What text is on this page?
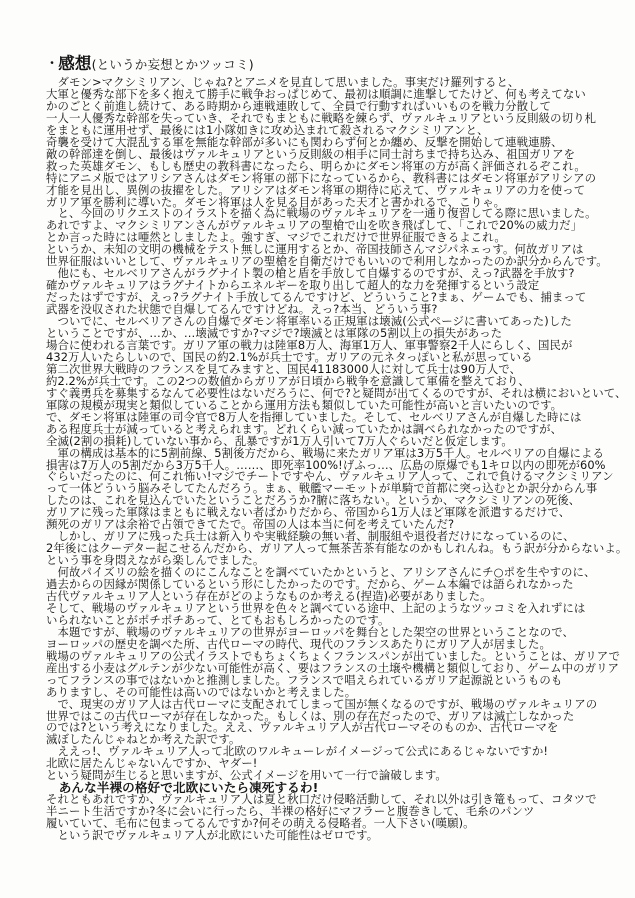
・感想(というか妄想とかツッコミ)
　ダモン>マクシミリアン、じゃね?とアニメを見直して思いました。事実だけ羅列すると、
大軍と優秀な部下を多く抱えて勝手に戦争おっぱじめて、最初は順調に進撃してたけど、何も考えてない
かのごとく前進し続けて、ある時期から連戦連敗して、全員で行動すればいいものを戦力分散して
一人一人優秀な幹部を失っていき、それでもまともに戦略を練らず、ヴァルキュリアという反則級の切り札
をまともに運用せず、最後には1小隊如きに攻め込まれて殺されるマクシミリアンと、
奇襲を受けて大混乱する軍を無能な幹部が多いにも関わらず何とか纏め、反撃を開始して連戦連勝、
敵の幹部達を倒し、最後はヴァルキュリアという反則級の相手に同士討ちまで持ち込み、祖国ガリアを
救った英雄ダモン、もしも歴史の教科書になったら、明らかにダモン将軍の方が高く評価されるぞこれ。
特にアニメ版ではアリシアさんはダモン将軍の部下になっているから、教科書にはダモン将軍がアリシアの
才能を見出し、異例の抜擢をした。アリシアはダモン将軍の期待に応えて、ヴァルキュリアの力を使って
ガリア軍を勝利に導いた。ダモン将軍は人を見る目があった天才と書かれるで、こりゃ。
　と、今回のリクエストのイラストを描く為に戦場のヴァルキュリアを一通り復習してる際に思いました。
あれですよ、マクシミリアンさんがヴァルキュリアの聖槍で山を吹き飛ばして、「これで20%の威力だ」
とか言った時には唖然としましたよ。強すぎ、マジでこれだけで世界征服できるよこれ。
というか、未知の文明の機械をテスト無しに運用するとか、帝国技師さんマジパネェっす。何故ガリアは
世界征服はいいとして、ヴァルキュリアの聖槍を自衛だけでもいいので利用しなかったのか訳分からんです。
　他にも、セルベリアさんがラグナイト製の槍と盾を手放して自爆するのですが、えっ?武器を手放す?
確かヴァルキュリアはラグナイトからエネルギーを取り出して超人的な力を発揮するという設定
だったはずですが、えっ?ラグナイト手放してるんですけど、どういうこと?まぁ、ゲームでも、捕まって
武器を没収された状態で自爆してるんですけどね。えっ?本当、どういう事?
　ついでに、セルベリアさんの自爆でダモン将軍率いる正規軍は壊滅(公式ページに書いてあった)した
ということですが、…か、…壊滅ですか?マジで?壊滅とは軍隊の5割以上の損失があった
場合に使われる言葉です。ガリア軍の戦力は陸軍8万人、海軍1万人、軍事警察2千人にらしく、国民が
432万人いたらしいので、国民の約2.1%が兵士です。ガリアの元ネタっぽいと私が思っている
第二次世界大戦時のフランスを見てみますと、国民41183000人に対して兵士は90万人で、
約2.2%が兵士です。この2つの数値からガリアが日頃から戦争を意識して軍備を整えており、
すぐ義勇兵を募集するなんて必要性はないだろうに、何で?と疑問が出てくるのですが、それは横においといて、
軍隊の規模が現実と類似していることから運用方法も類似していた可能性が高いと言いたいのです。
で、ダモン将軍は陸軍の司令官で8万人を指揮していました。そして、セルベリアさんが自爆した時には
ある程度兵士が減っていると考えられます。どれくらい減っていたかは調べられなかったのですが、
全滅(2割の損耗)していない事から、乱暴ですが1万人引いて7万人ぐらいだと仮定します。
　軍の構成は基本的に5割前線、5割後方だから、戦場に来たガリア軍は3万5千人。セルベリアの自爆による
損害は7万人の5割だから3万5千人。……、即死率100%!げふっ…、広島の原爆でも1キロ以内の即死が60%
ぐらいだったのに、何これ怖い!マジでチートですやん、ヴァルキュリア人って、これで負けるマクシミリアン
って一体どういう脳みそしてたんだろう。まぁ、戦艦マーモットが単騎で首都に突っ込むとか訳分からん事
したのは、これを見込んでいたということだろうか?腑に落ちない。というか、マクシミリアンの死後、
ガリアに残った軍隊はまともに戦えない者ばかりだから、帝国から1万人ほど軍隊を派遣するだけで、
瀕死のガリアは余裕で占領できてたで。帝国の人は本当に何を考えていたんだ?
　しかし、ガリアに残った兵士は新入りや実戦経験の無い者、制服組や退役者だけになっているのに、
2年後にはクーデター起こせるんだから、ガリア人って無茶苦茶有能なのかもしれんね。もう訳が分からないよ。
という事を身悶えながら楽しんでました。
　何故パイズリの絵を描くのにこんなことを調べていたかというと、アリシアさんにチ○ポを生やすのに、
過去からの因縁が関係しているという形にしたかったのです。だから、ゲーム本編では語られなかった
古代ヴァルキュリア人という存在がどのようなものか考える(捏造)必要がありました。
そして、戦場のヴァルキュリアという世界を色々と調べている途中、上記のようなツッコミを入れずには
いられないことがポチポチあって、とてもおもしろかったのです。
　本題ですが、戦場のヴァルキュリアの世界がヨーロッパを舞台とした架空の世界ということなので、
ヨーロッパの歴史を調べた所、古代ローマの時代、現代のフランスあたりにガリア人が居ました。
戦場のヴァルキュリアの公式イラストでもちょくちょくフランスパンが出ていました。ということは、ガリアで
産出する小麦はグルテンが少ない可能性が高く、要はフランスの土壌や機構と類似しており、ゲーム中のガリア
ってフランスの事ではないかと推測しました。フランスで唱えられているガリア起源説というものも
ありますし、その可能性は高いのではないかと考えました。
　で、現実のガリア人は古代ローマに支配されてしまって国が無くなるのですが、戦場のヴァルキュリアの
世界ではこの古代ローマが存在しなかった。もしくは、別の存在だったので、ガリアは滅亡しなかった
のでは?という考えになりました。ええ、ヴァルキュリア人が古代ローマそのものか、古代ローマを
滅ぼしたんじゃねとか考えた訳です。
　ええっ!、ヴァルキュリア人って北欧のワルキューレがイメージって公式にあるじゃないですか!
北欧に居たんじゃないんですか、ヤダー!
という疑問が生じると思いますが、公式イメージを用いて一行で論破します。
　あんな半裸の格好で北欧にいたら凍死するわ!
それともあれですか、ヴァルキュリア人は夏と秋口だけ侵略活動して、それ以外は引き篭もって、コタツで
半ニート生活ですか?冬に会いに行ったら、半裸の格好にマフラーと腹巻きして、毛糸のパンツ
履いていて、毛布に包まってるんですか?何その萌える侵略者。一人下さい(嘆願)。
　という訳でヴァルキュリア人が北欧にいた可能性はゼロです。
